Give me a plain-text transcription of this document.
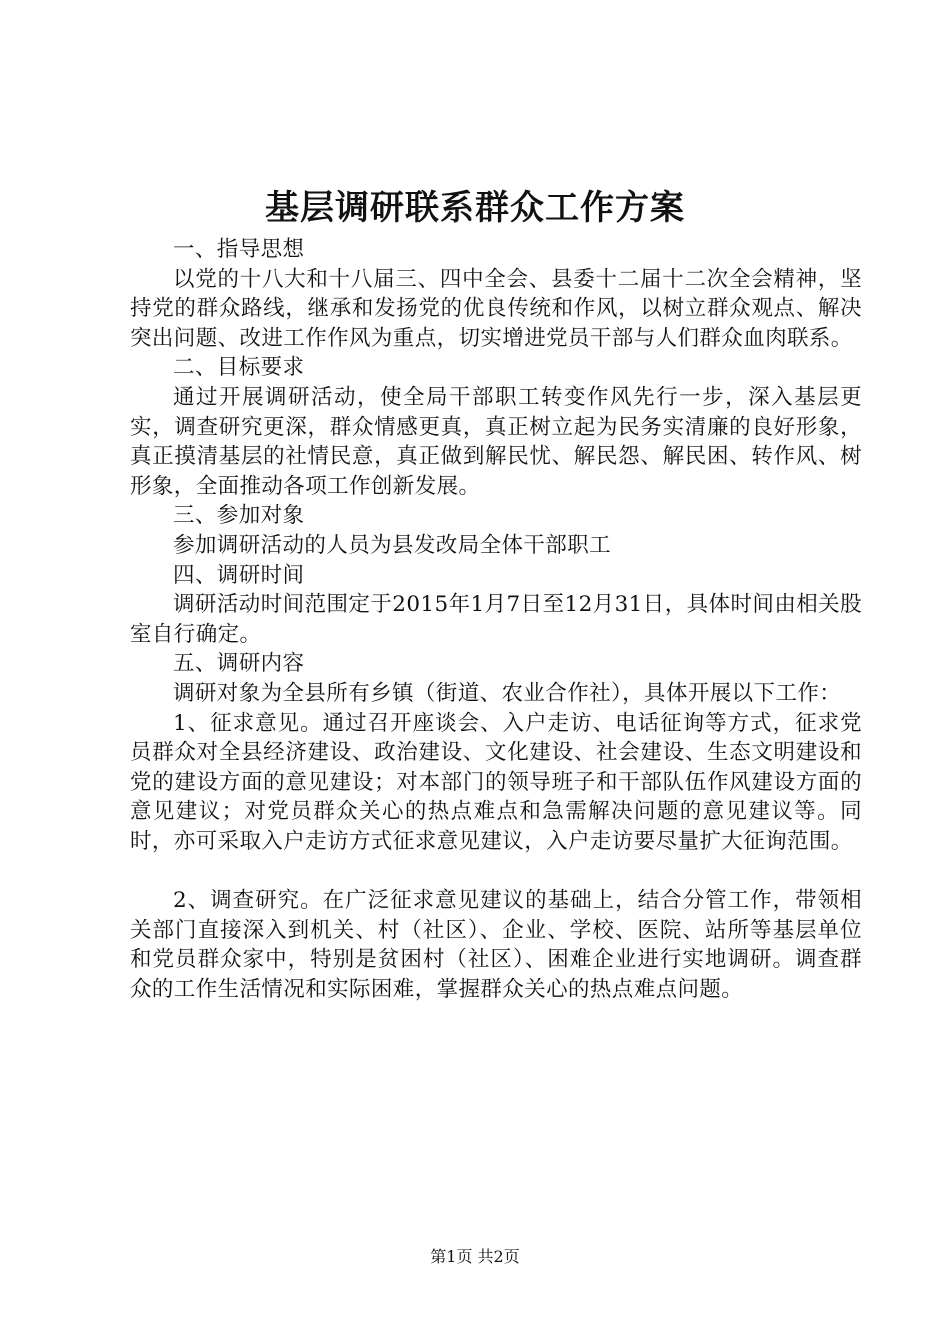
基层调研联系群众工作方案

一、指导思想

以党的十八大和十八届三、四中全会、县委十二届十二次全会精神，坚持党的群众路线，继承和发扬党的优良传统和作风，以树立群众观点、解决突出问题、改进工作作风为重点，切实增进党员干部与人们群众血肉联系。

二、目标要求

通过开展调研活动，使全局干部职工转变作风先行一步，深入基层更实，调查研究更深，群众情感更真，真正树立起为民务实清廉的良好形象，真正摸清基层的社情民意，真正做到解民忧、解民怨、解民困、转作风、树形象，全面推动各项工作创新发展。

三、参加对象

参加调研活动的人员为县发改局全体干部职工

四、调研时间

调研活动时间范围定于2015年1月7日至12月31日，具体时间由相关股室自行确定。

五、调研内容

调研对象为全县所有乡镇（街道、农业合作社），具体开展以下工作：

1、征求意见。通过召开座谈会、入户走访、电话征询等方式，征求党员群众对全县经济建设、政治建设、文化建设、社会建设、生态文明建设和党的建设方面的意见建设；对本部门的领导班子和干部队伍作风建设方面的意见建议；对党员群众关心的热点难点和急需解决问题的意见建议等。同时，亦可采取入户走访方式征求意见建议，入户走访要尽量扩大征询范围。

2、调查研究。在广泛征求意见建议的基础上，结合分管工作，带领相关部门直接深入到机关、村（社区）、企业、学校、医院、站所等基层单位和党员群众家中，特别是贫困村（社区）、困难企业进行实地调研。调查群众的工作生活情况和实际困难，掌握群众关心的热点难点问题。

第1页 共2页
